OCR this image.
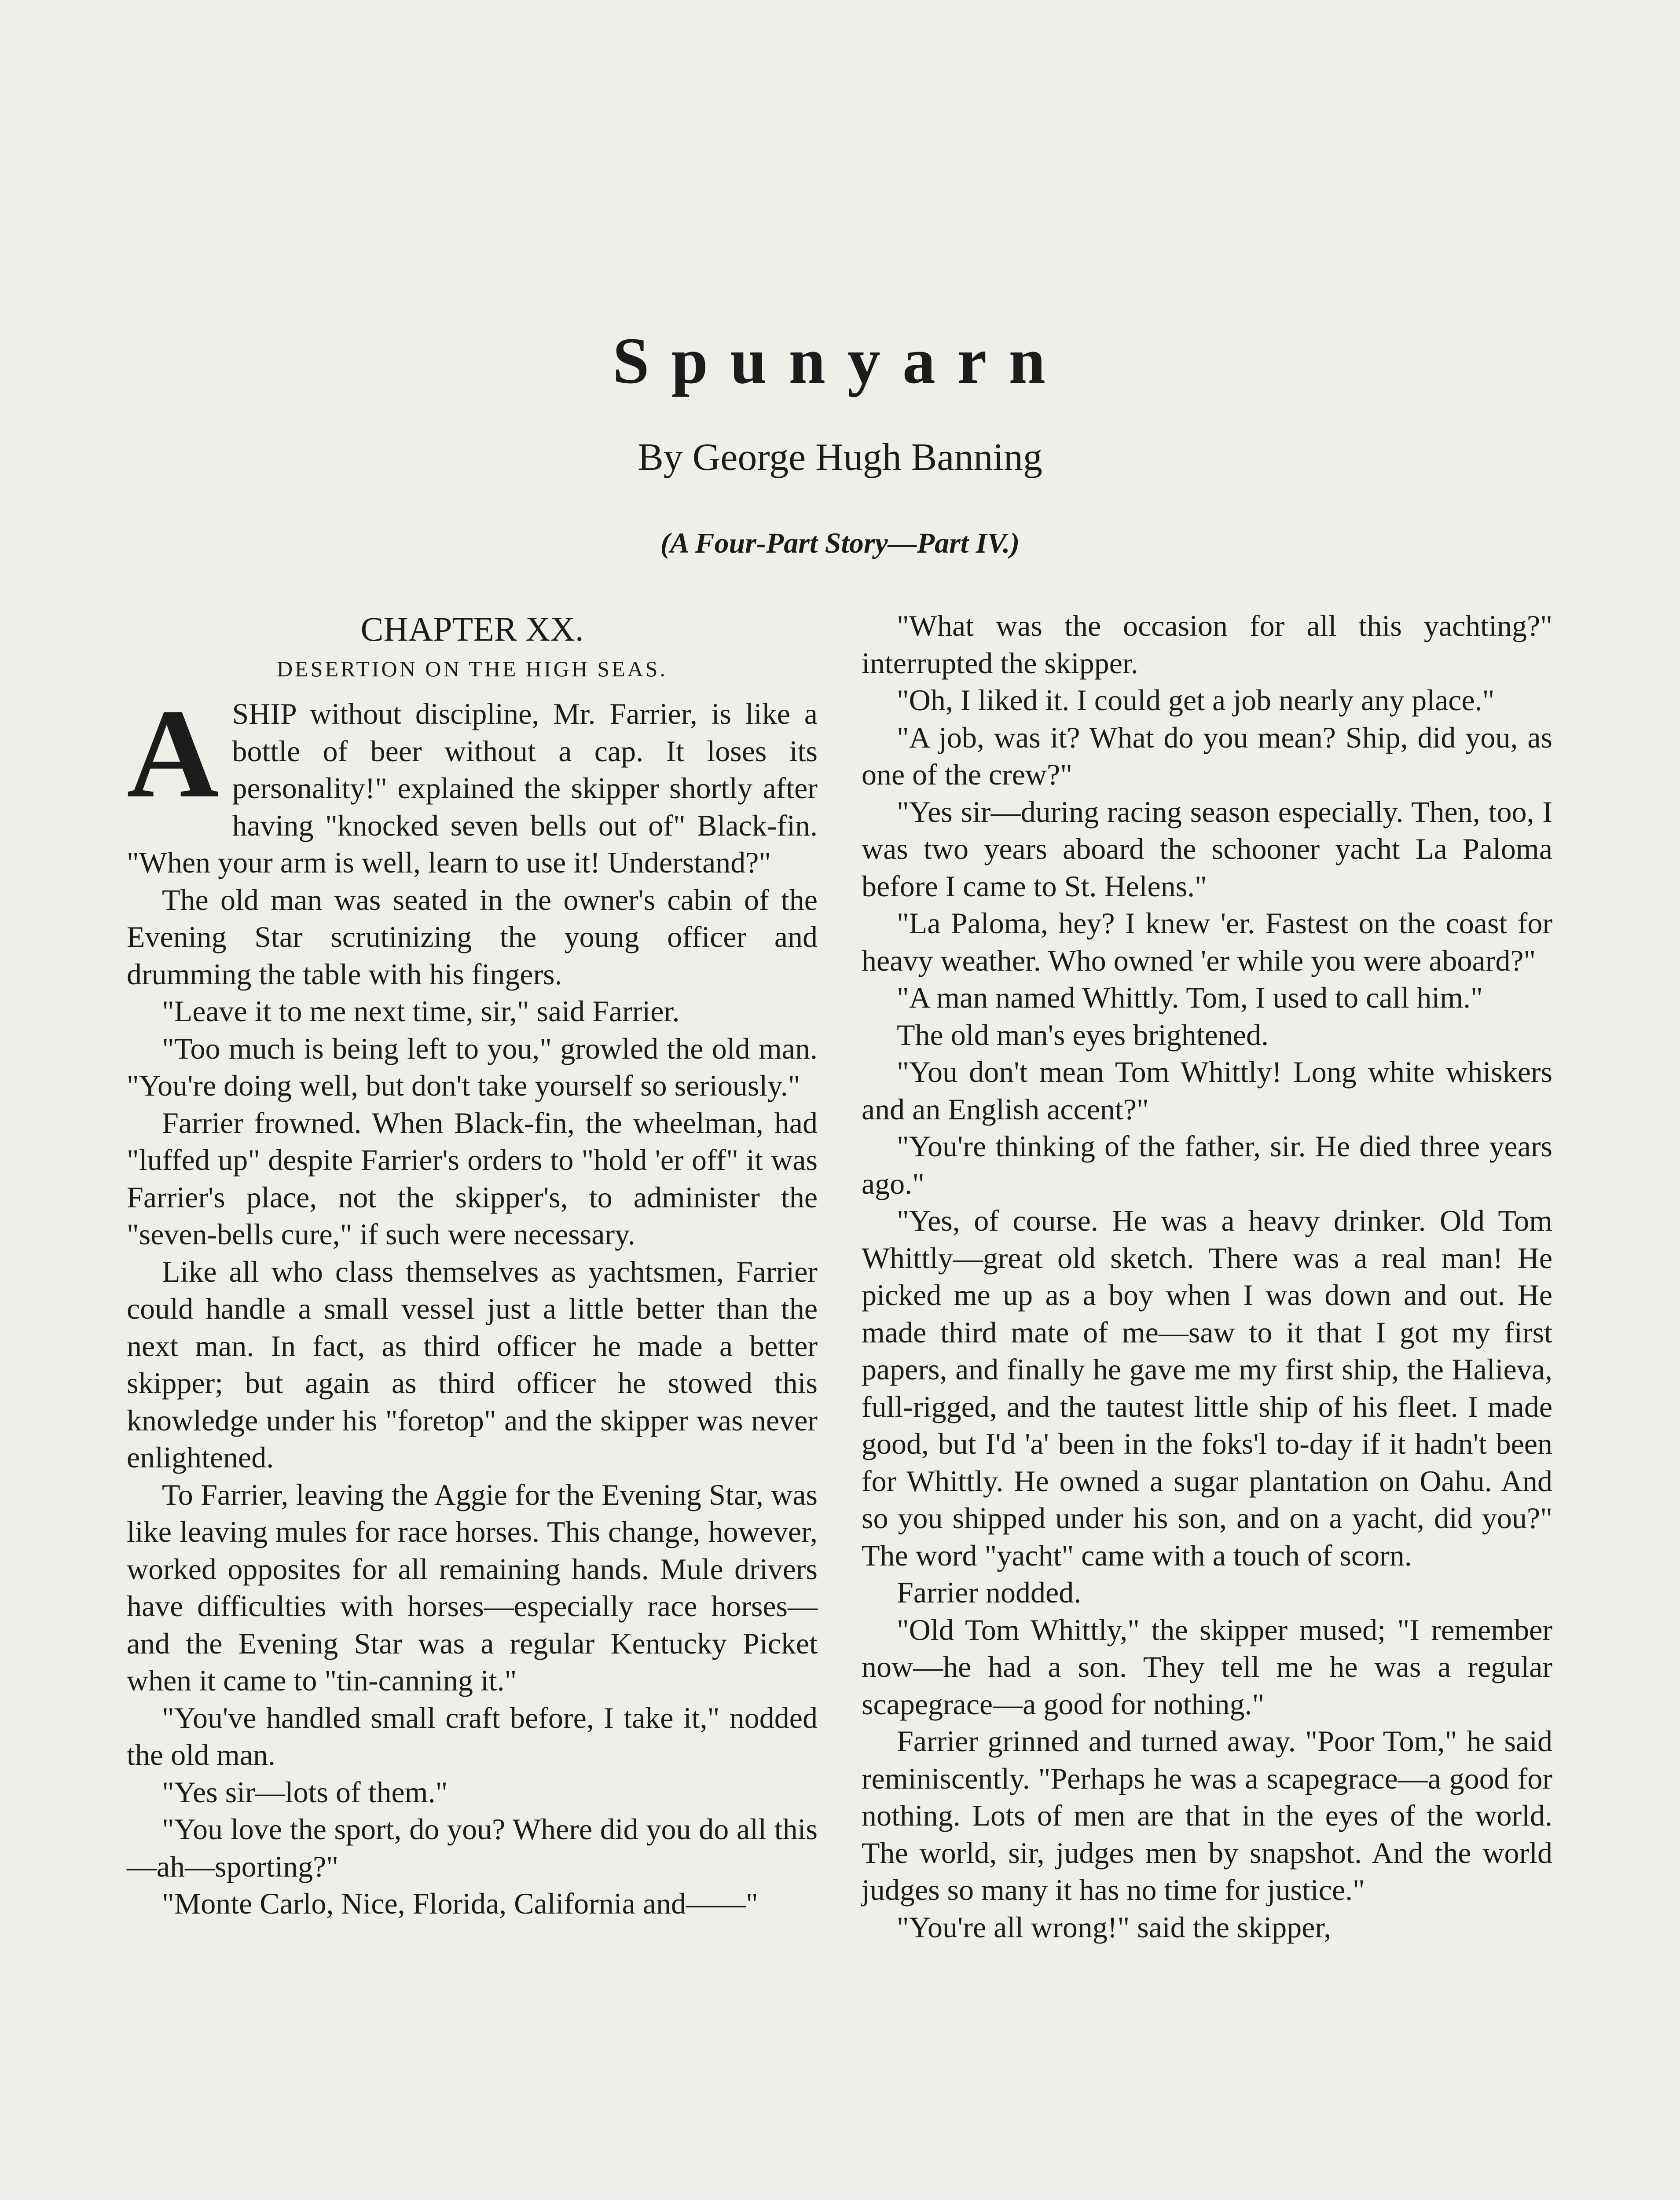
Spunyarn
By George Hugh Banning
(A Four-Part Story—Part IV.)
CHAPTER XX.
DESERTION ON THE HIGH SEAS.

ASHIP without discipline, Mr. Farrier, is like a bottle of beer without a cap. It loses its personality!" explained the skipper shortly after having "knocked seven bells out of" Black-fin. "When your arm is well, learn to use it! Understand?"

The old man was seated in the owner's cabin of the Evening Star scrutinizing the young officer and drumming the table with his fingers.

"Leave it to me next time, sir," said Farrier.

"Too much is being left to you," growled the old man. "You're doing well, but don't take yourself so seriously."

Farrier frowned. When Black-fin, the wheelman, had "luffed up" despite Farrier's orders to "hold 'er off" it was Farrier's place, not the skipper's, to administer the "seven-bells cure," if such were necessary.

Like all who class themselves as yachtsmen, Farrier could handle a small vessel just a little better than the next man. In fact, as third officer he made a better skipper; but again as third officer he stowed this knowledge under his "foretop" and the skipper was never enlightened.

To Farrier, leaving the Aggie for the Evening Star, was like leaving mules for race horses. This change, however, worked opposites for all remaining hands. Mule drivers have difficulties with horses—especially race horses—and the Evening Star was a regular Kentucky Picket when it came to "tin-canning it."

"You've handled small craft before, I take it," nodded the old man.

"Yes sir—lots of them."

"You love the sport, do you? Where did you do all this—ah—sporting?"

"Monte Carlo, Nice, Florida, California and——"

"What was the occasion for all this yachting?" interrupted the skipper.

"Oh, I liked it. I could get a job nearly any place."

"A job, was it? What do you mean? Ship, did you, as one of the crew?"

"Yes sir—during racing season especially. Then, too, I was two years aboard the schooner yacht La Paloma before I came to St. Helens."

"La Paloma, hey? I knew 'er. Fastest on the coast for heavy weather. Who owned 'er while you were aboard?"

"A man named Whittly. Tom, I used to call him."

The old man's eyes brightened.

"You don't mean Tom Whittly! Long white whiskers and an English accent?"

"You're thinking of the father, sir. He died three years ago."

"Yes, of course. He was a heavy drinker. Old Tom Whittly—great old sketch. There was a real man! He picked me up as a boy when I was down and out. He made third mate of me—saw to it that I got my first papers, and finally he gave me my first ship, the Halieva, full-rigged, and the tautest little ship of his fleet. I made good, but I'd 'a' been in the foks'l to-day if it hadn't been for Whittly. He owned a sugar plantation on Oahu. And so you shipped under his son, and on a yacht, did you?" The word "yacht" came with a touch of scorn.

Farrier nodded.

"Old Tom Whittly," the skipper mused; "I remember now—he had a son. They tell me he was a regular scapegrace—a good for nothing."

Farrier grinned and turned away. "Poor Tom," he said reminiscently. "Perhaps he was a scapegrace—a good for nothing. Lots of men are that in the eyes of the world. The world, sir, judges men by snapshot. And the world judges so many it has no time for justice."

"You're all wrong!" said the skipper,
